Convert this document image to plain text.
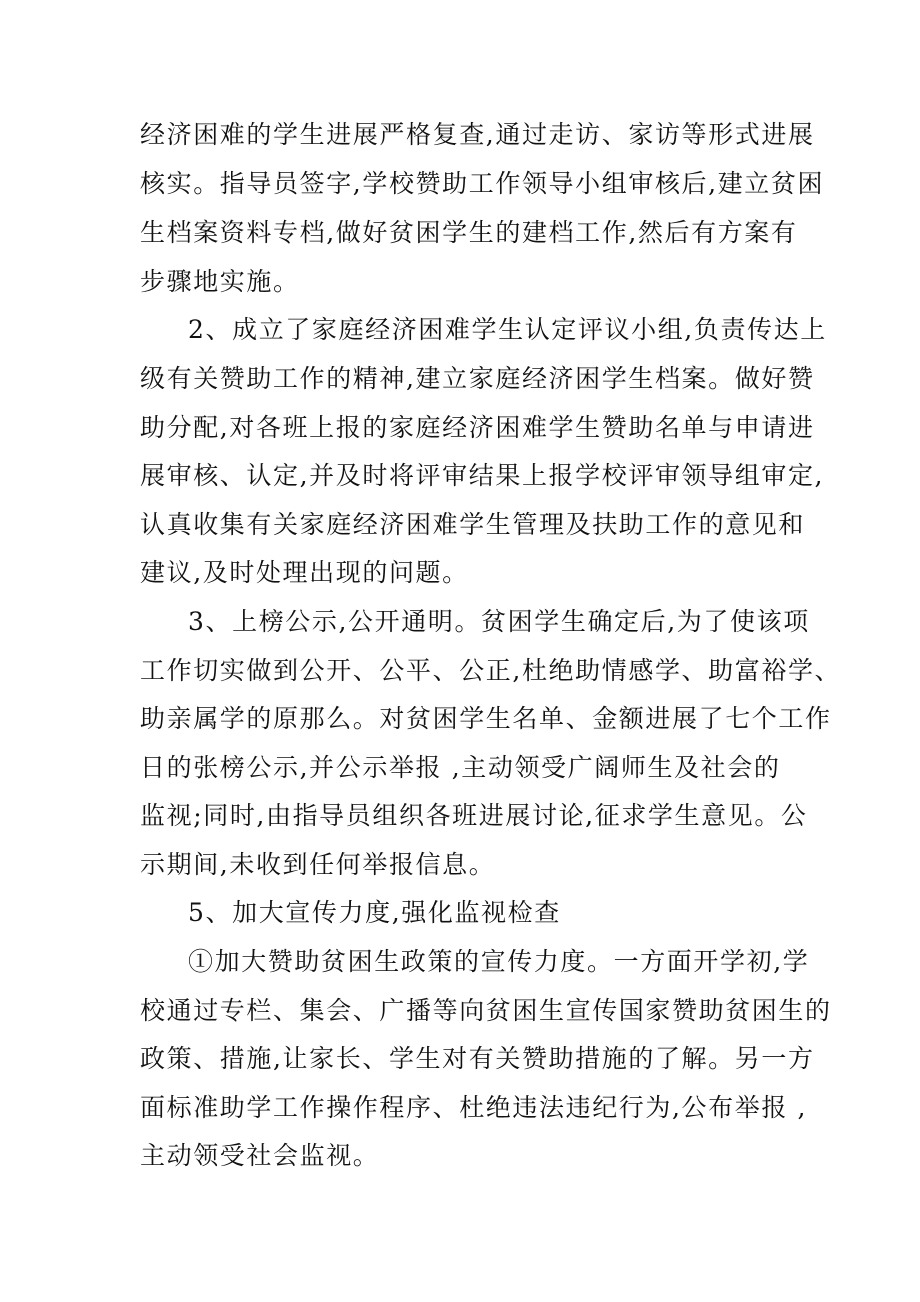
经济困难的学生进展严格复查,通过走访、家访等形式进展
核实。指导员签字,学校赞助工作领导小组审核后,建立贫困
生档案资料专档,做好贫困学生的建档工作,然后有方案有
步骤地实施。
2、成立了家庭经济困难学生认定评议小组,负责传达上
级有关赞助工作的精神,建立家庭经济困学生档案。做好赞
助分配,对各班上报的家庭经济困难学生赞助名单与申请进
展审核、认定,并及时将评审结果上报学校评审领导组审定,
认真收集有关家庭经济困难学生管理及扶助工作的意见和
建议,及时处理出现的问题。
3、上榜公示,公开通明。贫困学生确定后,为了使该项
工作切实做到公开、公平、公正,杜绝助情感学、助富裕学、
助亲属学的原那么。对贫困学生名单、金额进展了七个工作
日的张榜公示,并公示举报 ,主动领受广阔师生及社会的
监视;同时,由指导员组织各班进展讨论,征求学生意见。公
示期间,未收到任何举报信息。
5、加大宣传力度,强化监视检查
①加大赞助贫困生政策的宣传力度。一方面开学初,学
校通过专栏、集会、广播等向贫困生宣传国家赞助贫困生的
政策、措施,让家长、学生对有关赞助措施的了解。另一方
面标准助学工作操作程序、杜绝违法违纪行为,公布举报 ,
主动领受社会监视。
